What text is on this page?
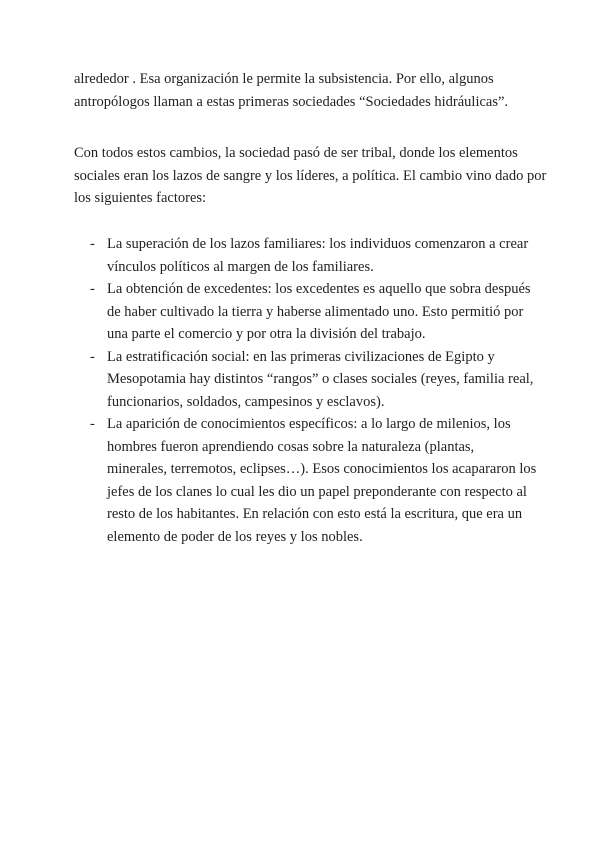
alrededor . Esa organización le permite la subsistencia. Por ello, algunos
antropólogos llaman a estas primeras sociedades “Sociedades hidráulicas”.

Con todos estos cambios, la sociedad pasó de ser tribal, donde los elementos
sociales eran los lazos de sangre y los líderes, a política. El cambio vino dado por
los siguientes factores:

- La superación de los lazos familiares: los individuos comenzaron a crear
vínculos políticos al margen de los familiares.
- La obtención de excedentes: los excedentes es aquello que sobra después
de haber cultivado la tierra y haberse alimentado uno. Esto permitió por
una parte el comercio y por otra la división del trabajo.
- La estratificación social: en las primeras civilizaciones de Egipto y
Mesopotamia hay distintos “rangos” o clases sociales (reyes, familia real,
funcionarios, soldados, campesinos y esclavos).
- La aparición de conocimientos específicos: a lo largo de milenios, los
hombres fueron aprendiendo cosas sobre la naturaleza (plantas,
minerales, terremotos, eclipses…). Esos conocimientos los acapararon los
jefes de los clanes lo cual les dio un papel preponderante con respecto al
resto de los habitantes. En relación con esto está la escritura, que era un
elemento de poder de los reyes y los nobles.
